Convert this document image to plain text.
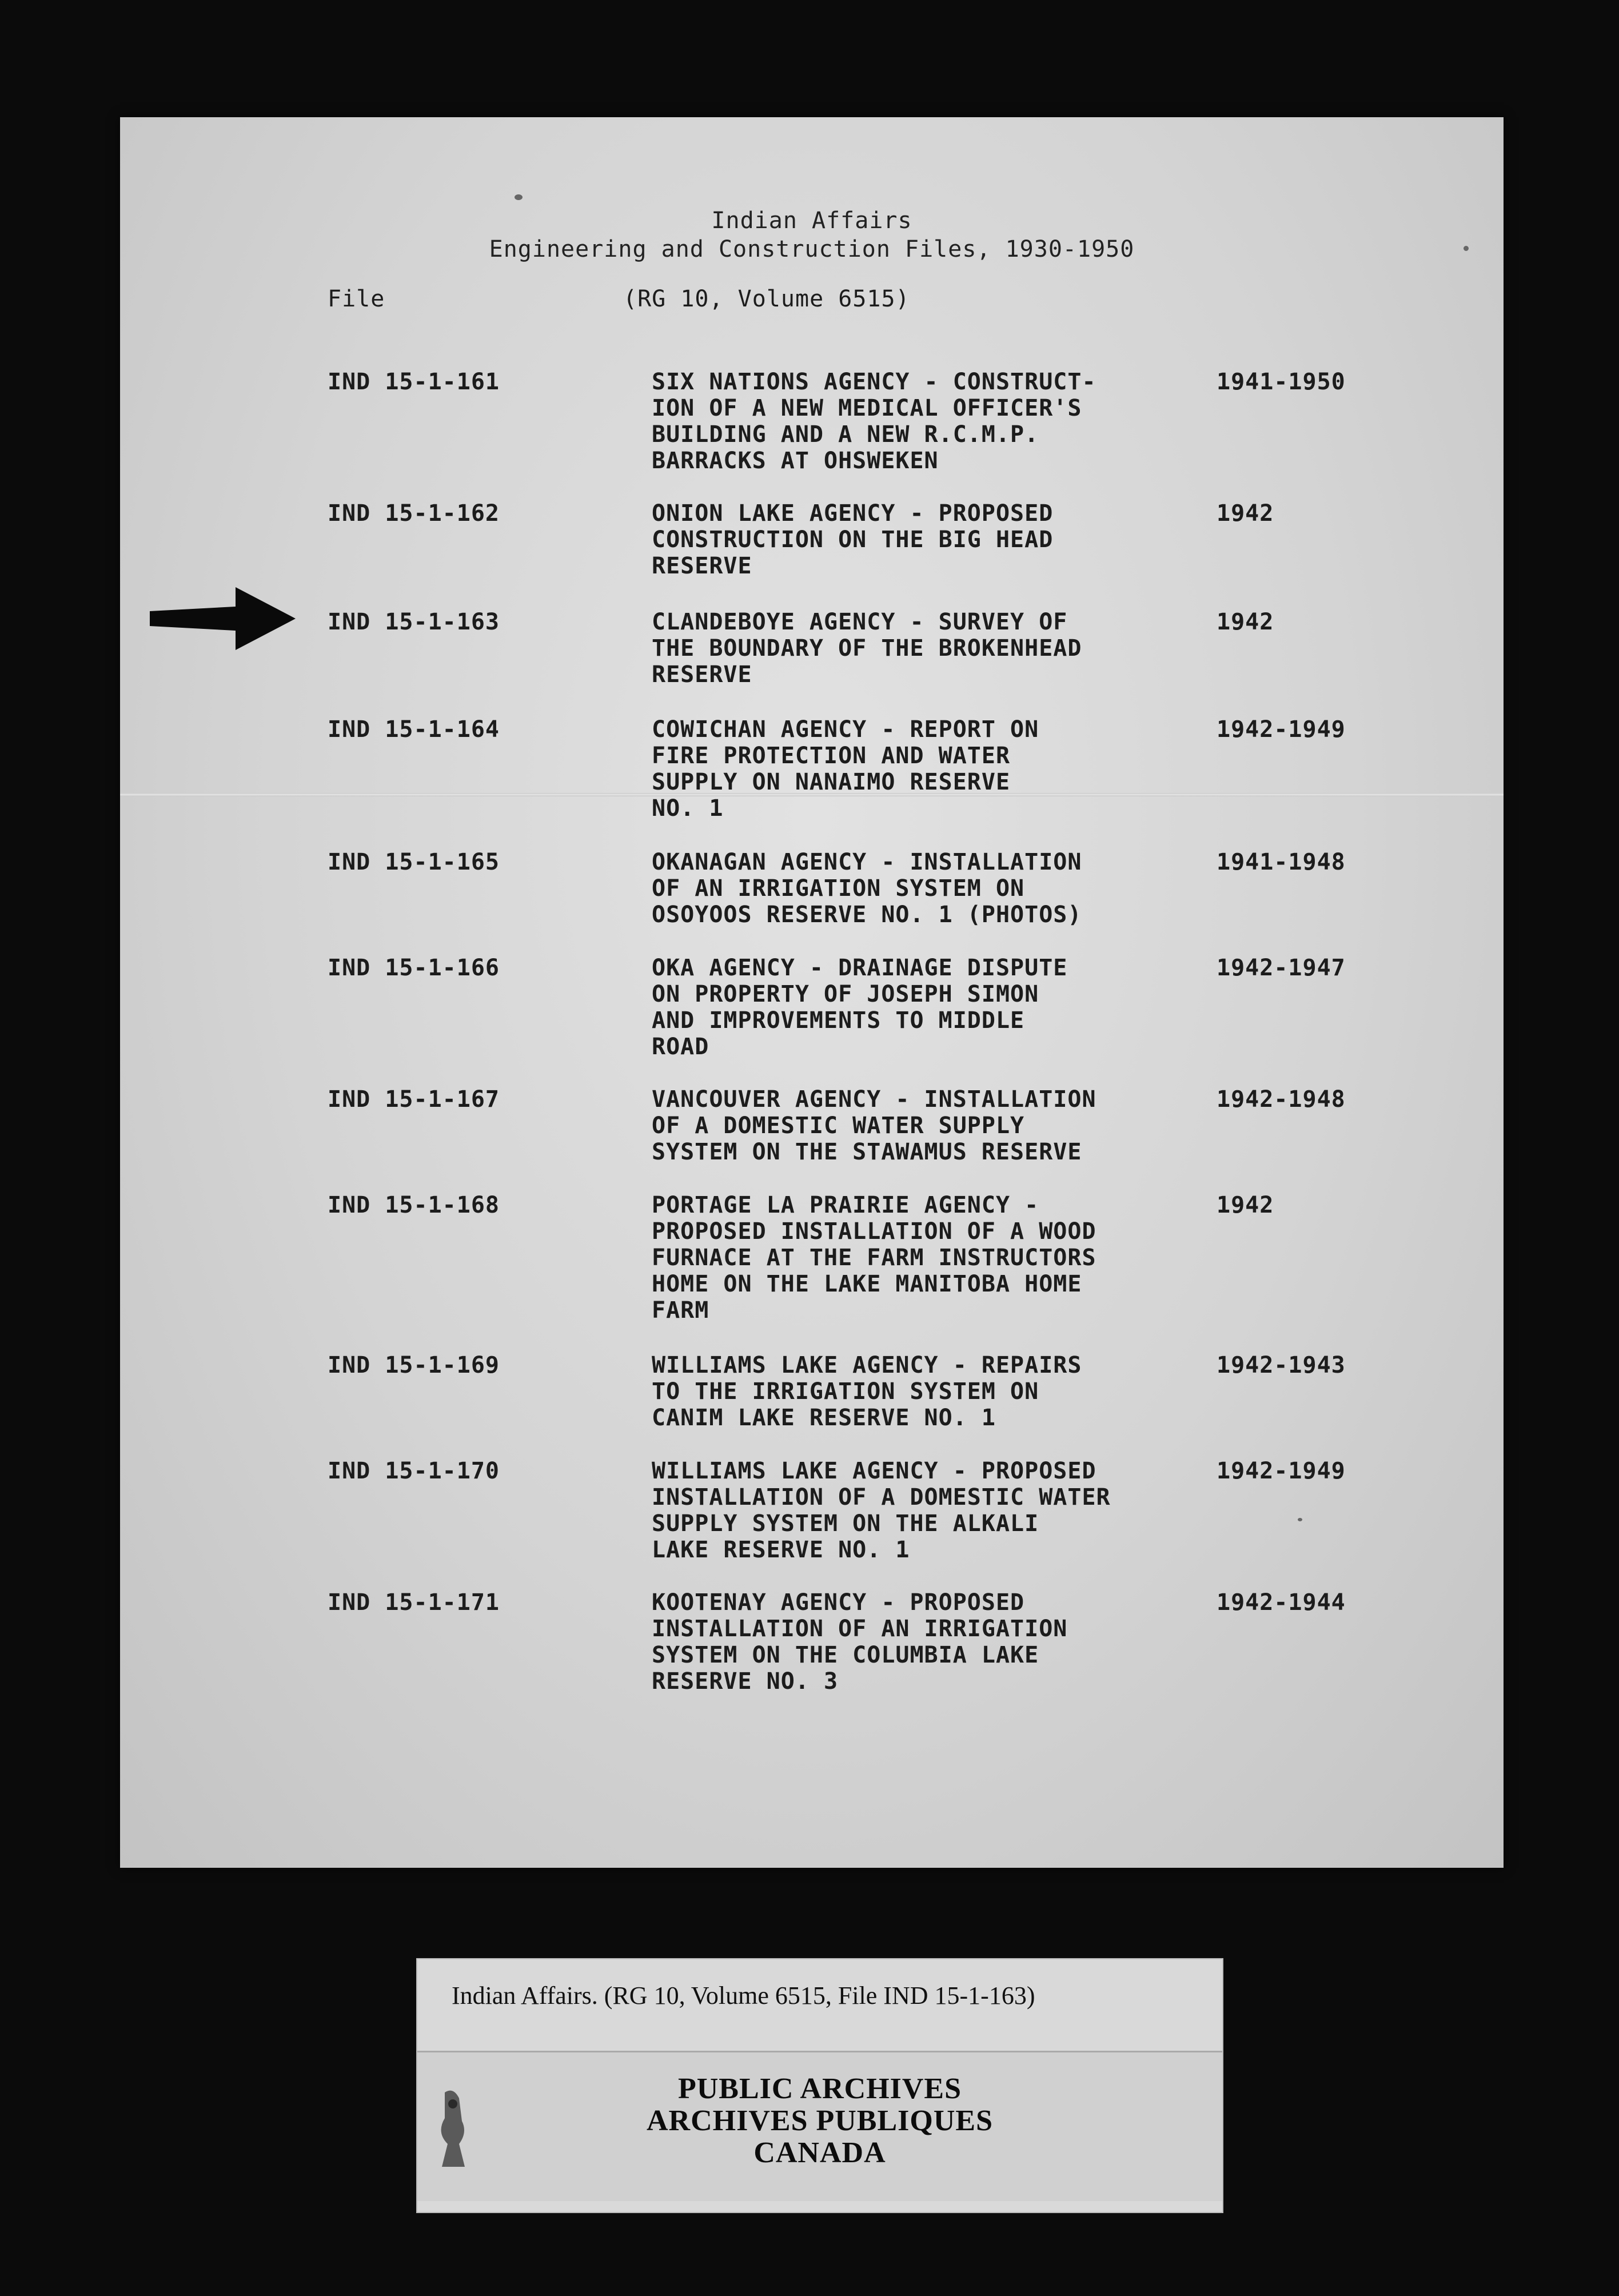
Indian Affairs
Engineering and Construction Files, 1930-1950
File	(RG 10, Volume 6515)
IND 15-1-161	SIX NATIONS AGENCY - CONSTRUCT-
ION OF A NEW MEDICAL OFFICER'S
BUILDING AND A NEW R.C.M.P.
BARRACKS AT OHSWEKEN
1941-1950
IND 15-1-162	ONION LAKE AGENCY - PROPOSED
CONSTRUCTION ON THE BIG HEAD
RESERVE
1942
IND 15-1-163	CLANDEBOYE AGENCY - SURVEY OF
THE BOUNDARY OF THE BROKENHEAD
RESERVE
1942
IND 15-1-164	COWICHAN AGENCY - REPORT ON
FIRE PROTECTION AND WATER
SUPPLY ON NANAIMO RESERVE
NO. 1
1942-1949
IND 15-1-165	OKANAGAN AGENCY - INSTALLATION
OF AN IRRIGATION SYSTEM ON
OSOYOOS RESERVE NO. 1 (PHOTOS)
1941-1948
IND 15-1-166	OKA AGENCY - DRAINAGE DISPUTE
ON PROPERTY OF JOSEPH SIMON
AND IMPROVEMENTS TO MIDDLE
ROAD
1942-1947
IND 15-1-167	VANCOUVER AGENCY - INSTALLATION
OF A DOMESTIC WATER SUPPLY
SYSTEM ON THE STAWAMUS RESERVE
1942-1948
IND 15-1-168	PORTAGE LA PRAIRIE AGENCY -
PROPOSED INSTALLATION OF A WOOD
FURNACE AT THE FARM INSTRUCTORS
HOME ON THE LAKE MANITOBA HOME
FARM
1942
IND 15-1-169	WILLIAMS LAKE AGENCY - REPAIRS
TO THE IRRIGATION SYSTEM ON
CANIM LAKE RESERVE NO. 1
1942-1943
IND 15-1-170	WILLIAMS LAKE AGENCY - PROPOSED
INSTALLATION OF A DOMESTIC WATER
SUPPLY SYSTEM ON THE ALKALI
LAKE RESERVE NO. 1
1942-1949
IND 15-1-171	KOOTENAY AGENCY - PROPOSED
INSTALLATION OF AN IRRIGATION
SYSTEM ON THE COLUMBIA LAKE
RESERVE NO. 3
1942-1944
Indian Affairs. (RG 10, Volume 6515, File IND 15-1-163)
PUBLIC ARCHIVES
ARCHIVES PUBLIQUES
CANADA
